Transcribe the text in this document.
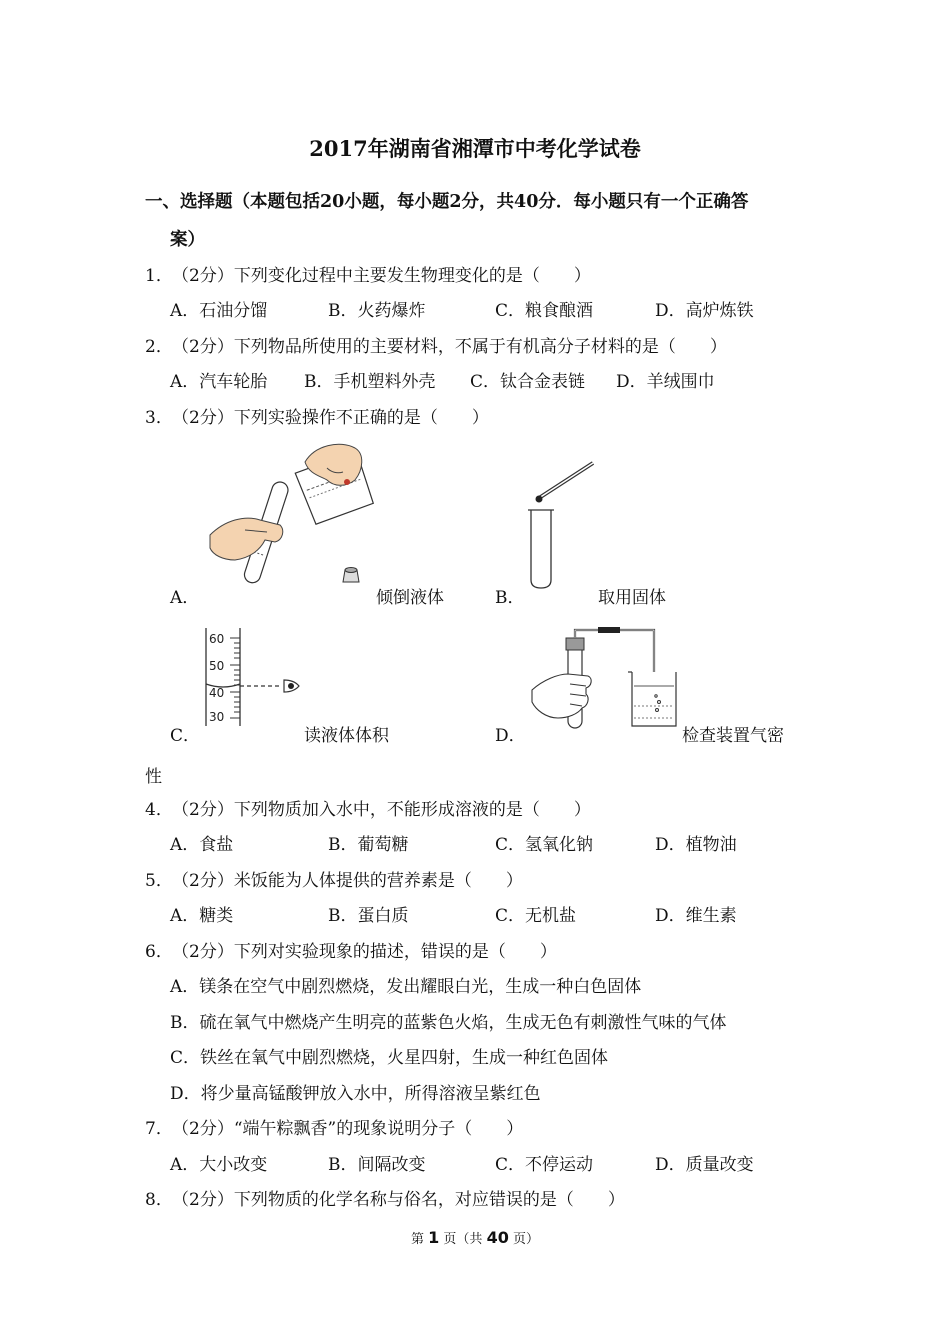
2017年湖南省湘潭市中考化学试卷
一、选择题（本题包括20小题，每小题2分，共40分．每小题只有一个正确答
案）
1． （2分）下列变化过程中主要发生物理变化的是（　　）
A．石油分馏	B．火药爆炸	C．粮食酿酒	D．高炉炼铁
2． （2分）下列物品所使用的主要材料，不属于有机高分子材料的是（　　）
A．汽车轮胎 B．手机塑料外壳 C．钛合金表链 D．羊绒围巾
3． （2分）下列实验操作不正确的是（　　）
A．	倾倒液体	B．	取用固体
60
50
40
30
C．	读液体体积	D．	检查装置气密
性
4． （2分）下列物质加入水中，不能形成溶液的是（　　）
A．食盐	B．葡萄糖	C．氢氧化钠	D．植物油
5． （2分）米饭能为人体提供的营养素是（　　）
A．糖类	B．蛋白质	C．无机盐	D．维生素
6． （2分）下列对实验现象的描述，错误的是（　　）
A．镁条在空气中剧烈燃烧，发出耀眼白光，生成一种白色固体
B．硫在氧气中燃烧产生明亮的蓝紫色火焰，生成无色有刺激性气味的气体
C．铁丝在氧气中剧烈燃烧，火星四射，生成一种红色固体
D．将少量高锰酸钾放入水中，所得溶液呈紫红色
7． （2分）“端午粽飘香”的现象说明分子（　　）
A．大小改变	B．间隔改变	C．不停运动	D．质量改变
8． （2分）下列物质的化学名称与俗名，对应错误的是（　　）
第 1 页（共 40 页）
